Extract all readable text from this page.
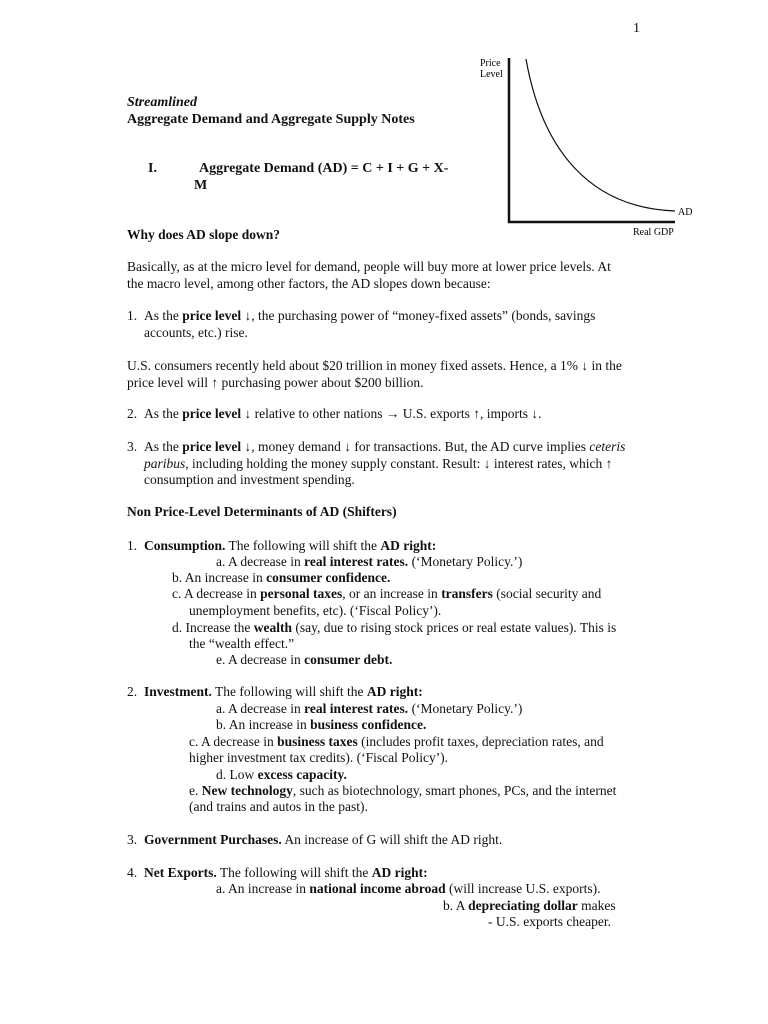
1
Price
Level
AD
Real GDP
Streamlined
Aggregate Demand and Aggregate Supply Notes
I.	Aggregate Demand (AD) = C + I + G + X-
M
Why does AD slope down?
Basically, as at the micro level for demand, people will buy more at lower price levels. At
the macro level, among other factors, the AD slopes down because:
1. As the price level ↓, the purchasing power of “money-fixed assets” (bonds, savings
accounts, etc.) rise.
U.S. consumers recently held about $20 trillion in money fixed assets. Hence, a 1% ↓ in the
price level will ↑ purchasing power about $200 billion.
2. As the price level ↓ relative to other nations → U.S. exports ↑, imports ↓.
3. As the price level ↓, money demand ↓ for transactions. But, the AD curve implies ceteris
paribus, including holding the money supply constant. Result: ↓ interest rates, which ↑
consumption and investment spending.
Non Price-Level Determinants of AD (Shifters)
1. Consumption. The following will shift the AD right:
a. A decrease in real interest rates. (‘Monetary Policy.’)
b. An increase in consumer confidence.
c. A decrease in personal taxes, or an increase in transfers (social security and
unemployment benefits, etc). (‘Fiscal Policy’).
d. Increase the wealth (say, due to rising stock prices or real estate values). This is
the “wealth effect.”
e. A decrease in consumer debt.
2. Investment. The following will shift the AD right:
a. A decrease in real interest rates. (‘Monetary Policy.’)
b. An increase in business confidence.
c. A decrease in business taxes (includes profit taxes, depreciation rates, and
higher investment tax credits). (‘Fiscal Policy’).
d. Low excess capacity.
e. New technology, such as biotechnology, smart phones, PCs, and the internet
(and trains and autos in the past).
3. Government Purchases. An increase of G will shift the AD right.
4. Net Exports. The following will shift the AD right:
a. An increase in national income abroad (will increase U.S. exports).
b. A depreciating dollar makes
- U.S. exports cheaper.
